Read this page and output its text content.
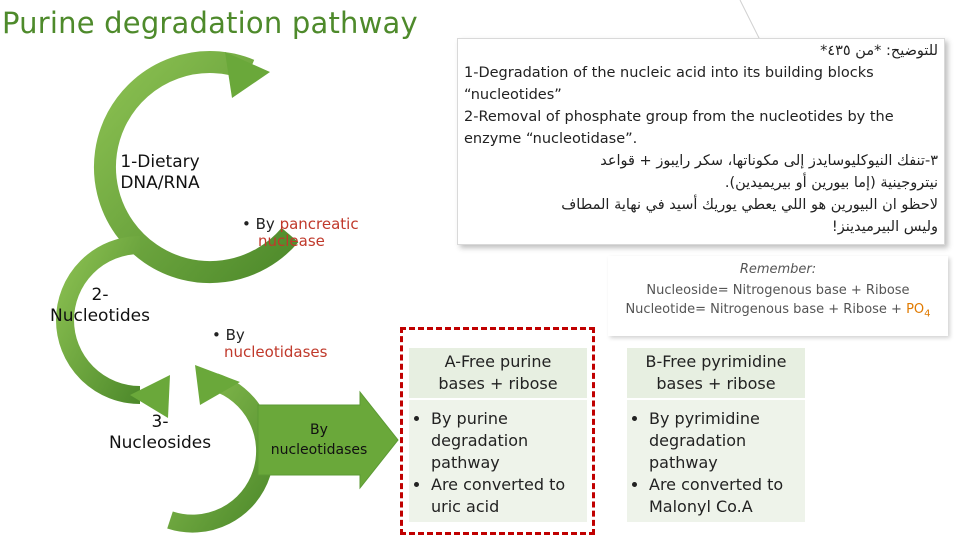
Purine degradation pathway
1-Dietary
DNA/RNA
2-
Nucleotides
3-
Nucleosides
• By pancreatic
nuclease
• By
nucleotidases
By
nucleotidases
للتوضيح: *من ٤٣٥*
1-Degradation of the nucleic acid into its building blocks
“nucleotides”
2-Removal of phosphate group from the nucleotides by the
enzyme “nucleotidase”.
٣-تنفك النيوكليوسايدز إلى مكوناتها، سكر رايبوز + قواعد
نيتروجينية (إما بيورين أو بيريميدين).
لاحظو ان البيورين هو اللي يعطي يوريك أسيد في نهاية المطاف
وليس البيرميدينز!
Remember:
Nucleoside= Nitrogenous base + Ribose
Nucleotide= Nitrogenous base + Ribose + $PO_4$
A-Free purine
bases + ribose
• By purine
degradation
pathway
• Are converted to
uric acid
B-Free pyrimidine
bases + ribose
• By pyrimidine
degradation
pathway
• Are converted to
Malonyl Co.A
